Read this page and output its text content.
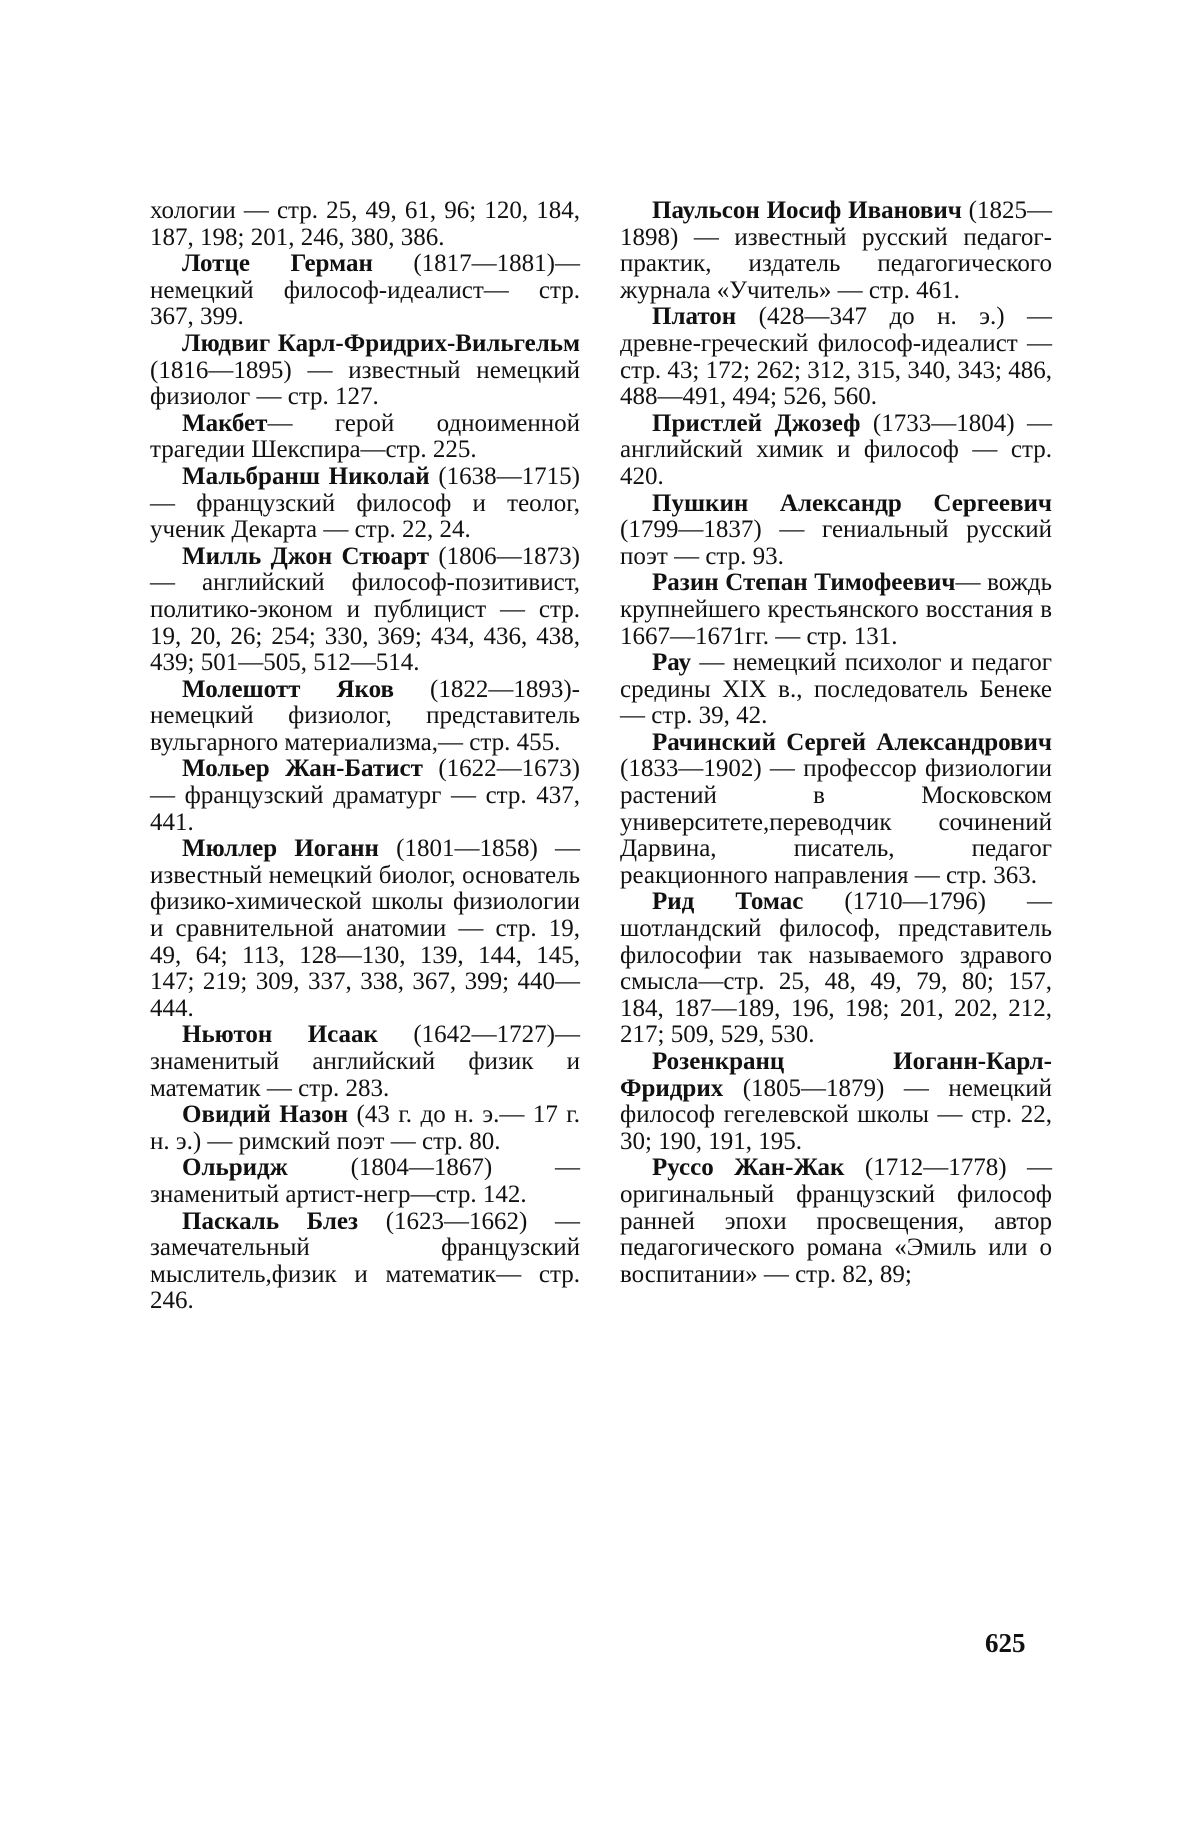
хологии — стр. 25, 49, 61, 96; 120, 184, 187, 198; 201, 246, 380, 386.

Лотце Герман (1817—1881)— немецкий философ-идеалист— стр. 367, 399.

Людвиг Карл-Фридрих-Вильгельм (1816—1895) — известный немецкий физиолог — стр. 127.

Макбет— герой одноименной трагедии Шекспира—стр. 225.

Мальбранш Николай (1638—1715) — французский философ и теолог, ученик Декарта — стр. 22, 24.

Милль Джон Стюарт (1806—1873) — английский философ-позитивист, политико-эконом и публицист — стр. 19, 20, 26; 254; 330, 369; 434, 436, 438, 439; 501—505, 512—514.

Молешотт Яков (1822—1893)- немецкий физиолог, представитель вульгарного материализма,— стр. 455.

Мольер Жан-Батист (1622—1673) — французский драматург — стр. 437, 441.

Мюллер Иоганн (1801—1858) —известный немецкий биолог, основатель физико-химической школы физиологии и сравнительной анатомии — стр. 19, 49, 64; 113, 128—130, 139, 144, 145, 147; 219; 309, 337, 338, 367, 399; 440—444.

Ньютон Исаак (1642—1727)— знаменитый английский физик и математик — стр. 283.

Овидий Назон (43 г. до н. э.— 17 г. н. э.) — римский поэт — стр. 80.

Ольридж (1804—1867) — знаменитый артист-негр—стр. 142.

Паскаль Блез (1623—1662) — замечательный французский мыслитель,физик и математик— стр. 246.

Паульсон Иосиф Иванович (1825—1898) — известный русский педагог-практик, издатель педагогического журнала «Учитель» — стр. 461.

Платон (428—347 до н. э.) — древне-греческий философ-идеалист — стр. 43; 172; 262; 312, 315, 340, 343; 486, 488—491, 494; 526, 560.

Пристлей Джозеф (1733—1804) — английский химик и философ — стр. 420.

Пушкин Александр Сергеевич (1799—1837) — гениальный русский поэт — стр. 93.

Разин Степан Тимофеевич— вождь крупнейшего крестьянского восстания в 1667—1671гг. — стр. 131.

Рау — немецкий психолог и педагог средины XIX в., последователь Бенеке — стр. 39, 42.

Рачинский Сергей Александрович (1833—1902) — профессор физиологии растений в Московском университете,переводчик сочинений Дарвина, писатель, педагог реакционного направления — стр. 363.

Рид Томас (1710—1796) — шотландский философ, представитель философии так называемого здравого смысла—стр. 25, 48, 49, 79, 80; 157, 184, 187—189, 196, 198; 201, 202, 212, 217; 509, 529, 530.

Розенкранц Иоганн-Карл-Фридрих (1805—1879) — немецкий философ гегелевской школы — стр. 22, 30; 190, 191, 195.

Руссо Жан-Жак (1712—1778) — оригинальный французский философ ранней эпохи просвещения, автор педагогического романа «Эмиль или о воспитании» — стр. 82, 89;

625
